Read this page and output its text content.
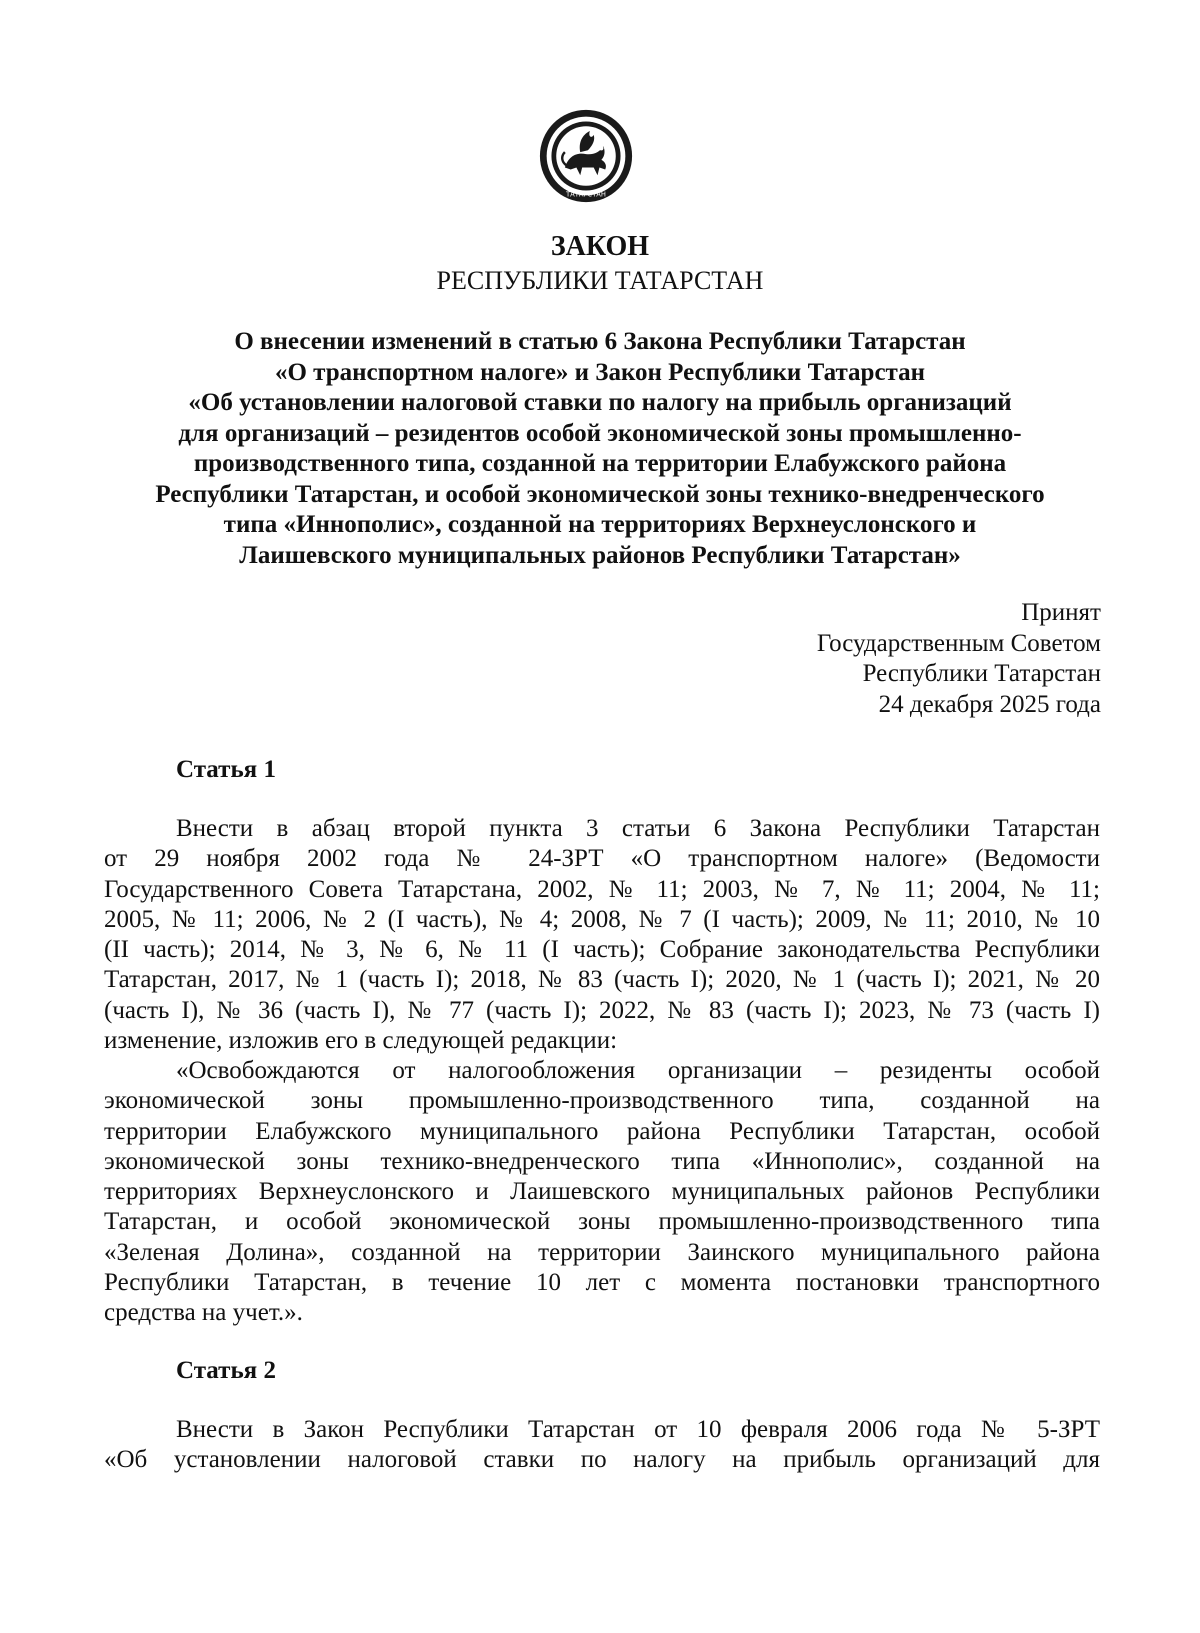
ТАТАРСТАН
ЗАКОН
РЕСПУБЛИКИ ТАТАРСТАН
О внесении изменений в статью 6 Закона Республики Татарстан
«О транспортном налоге» и Закон Республики Татарстан
«Об установлении налоговой ставки по налогу на прибыль организаций
для организаций – резидентов особой экономической зоны промышленно-
производственного типа, созданной на территории Елабужского района
Республики Татарстан, и особой экономической зоны технико-внедренческого
типа «Иннополис», созданной на территориях Верхнеуслонского и
Лаишевского муниципальных районов Республики Татарстан»
Принят
Государственным Советом
Республики Татарстан
24 декабря 2025 года
Статья 1
Внести в абзац второй пункта 3 статьи 6 Закона Республики Татарстан
от 29 ноября 2002 года № 24-ЗРТ «О транспортном налоге» (Ведомости
Государственного Совета Татарстана, 2002, № 11; 2003, № 7, № 11; 2004, № 11;
2005, № 11; 2006, № 2 (I часть), № 4; 2008, № 7 (I часть); 2009, № 11; 2010, № 10
(II часть); 2014, № 3, № 6, № 11 (I часть); Собрание законодательства Республики
Татарстан, 2017, № 1 (часть I); 2018, № 83 (часть I); 2020, № 1 (часть I); 2021, № 20
(часть I), № 36 (часть I), № 77 (часть I); 2022, № 83 (часть I); 2023, № 73 (часть I)
изменение, изложив его в следующей редакции:
«Освобождаются от налогообложения организации – резиденты особой
экономической зоны промышленно-производственного типа, созданной на
территории Елабужского муниципального района Республики Татарстан, особой
экономической зоны технико-внедренческого типа «Иннополис», созданной на
территориях Верхнеуслонского и Лаишевского муниципальных районов Республики
Татарстан, и особой экономической зоны промышленно-производственного типа
«Зеленая Долина», созданной на территории Заинского муниципального района
Республики Татарстан, в течение 10 лет с момента постановки транспортного
средства на учет.».
Статья 2
Внести в Закон Республики Татарстан от 10 февраля 2006 года № 5-ЗРТ
«Об установлении налоговой ставки по налогу на прибыль организаций для
